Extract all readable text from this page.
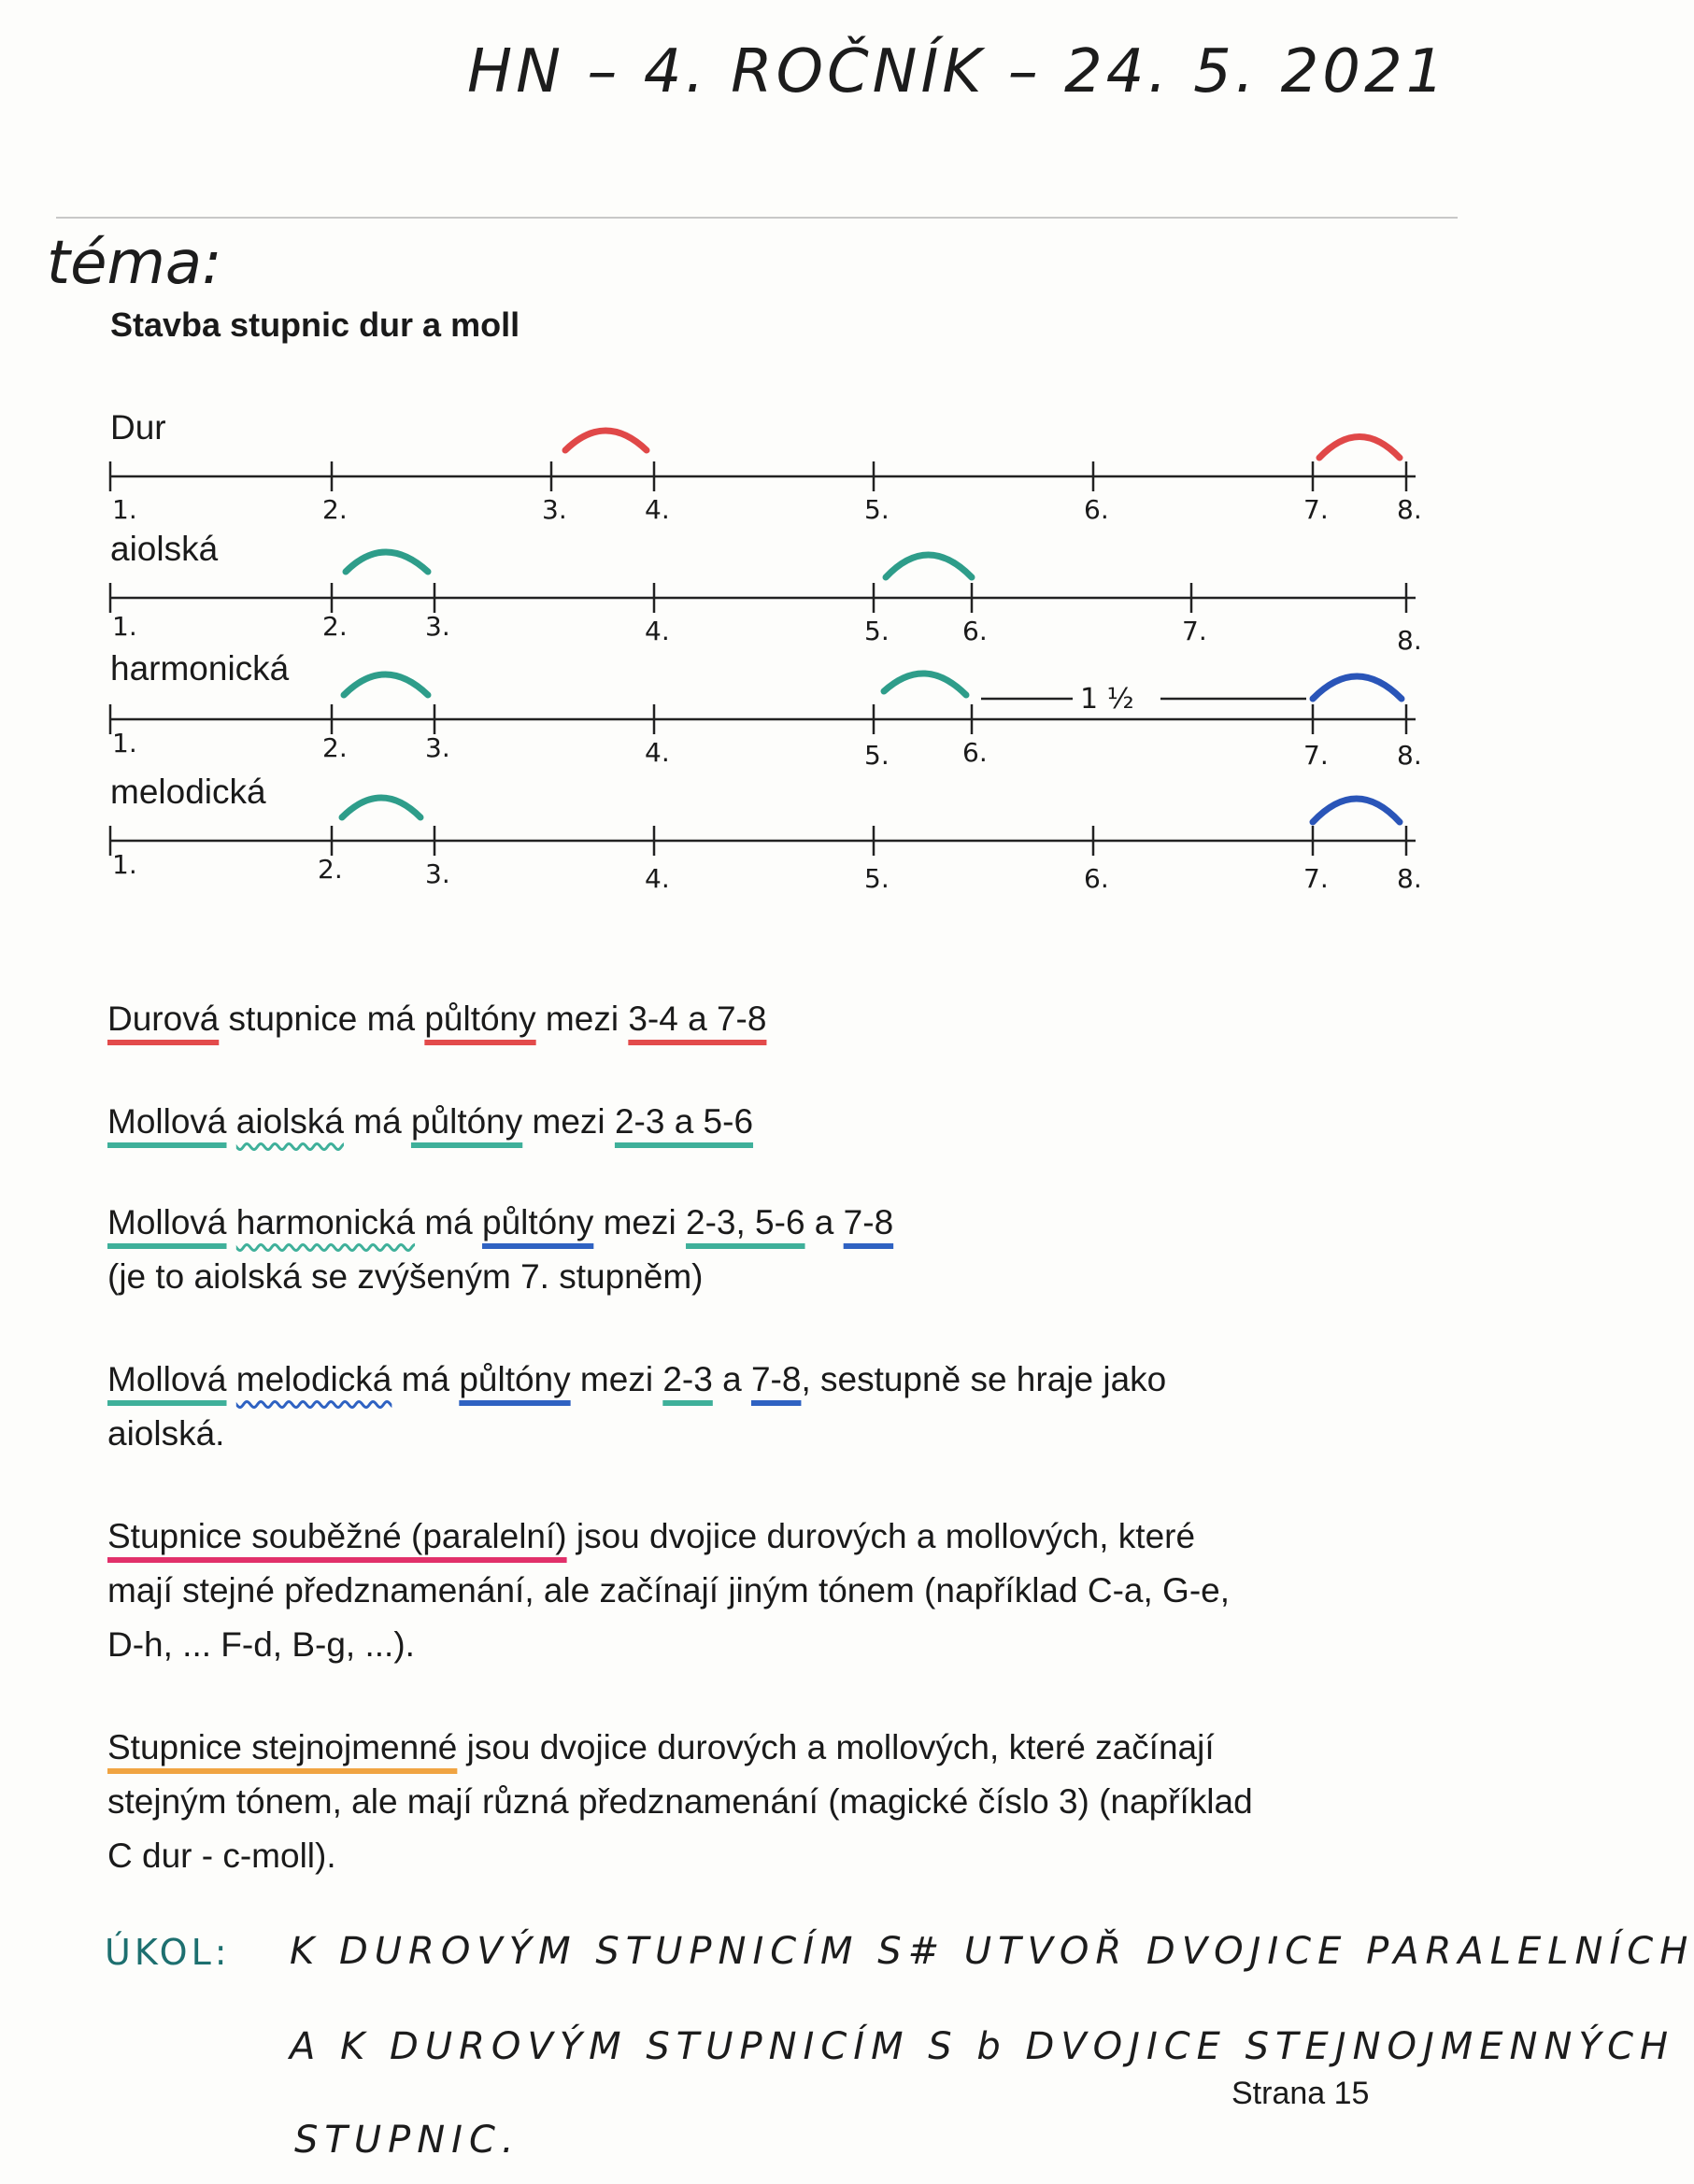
HN – 4. ROČNÍK – 24. 5. 2021
téma:
Stavba stupnic dur a moll
Dur
1.	2.	3.	4.	5.	6.	7.	8.
aiolská
1.	2.	3.	4.	5.	6.	7.	8.
harmonická
1.	2.	3.	4.	5.	6.	7.	8.
1 ½
melodická
1.	2.	3.	4.	5.	6.	7.	8.
Durová stupnice má půltóny mezi 3-4 a 7-8
Mollová aiolská má půltóny mezi 2-3 a 5-6
Mollová harmonická má půltóny mezi 2-3, 5-6 a 7-8
(je to aiolská se zvýšeným 7. stupněm)
Mollová melodická má půltóny mezi 2-3 a 7-8, sestupně se hraje jako
aiolská.
Stupnice souběžné (paralelní) jsou dvojice durových a mollových, které
mají stejné předznamenání, ale začínají jiným tónem (například C-a, G-e,
D-h, ... F-d, B-g, ...).
Stupnice stejnojmenné jsou dvojice durových a mollových, které začínají
stejným tónem, ale mají různá předznamenání (magické číslo 3) (například
C dur - c-moll).
ÚKOL: K DUROVÝM STUPNICÍM S# UTVOŘ DVOJICE PARALELNÍCH
A K DUROVÝM STUPNICÍM S b DVOJICE STEJNOJMENNÝCH
Strana 15
STUPNIC.
